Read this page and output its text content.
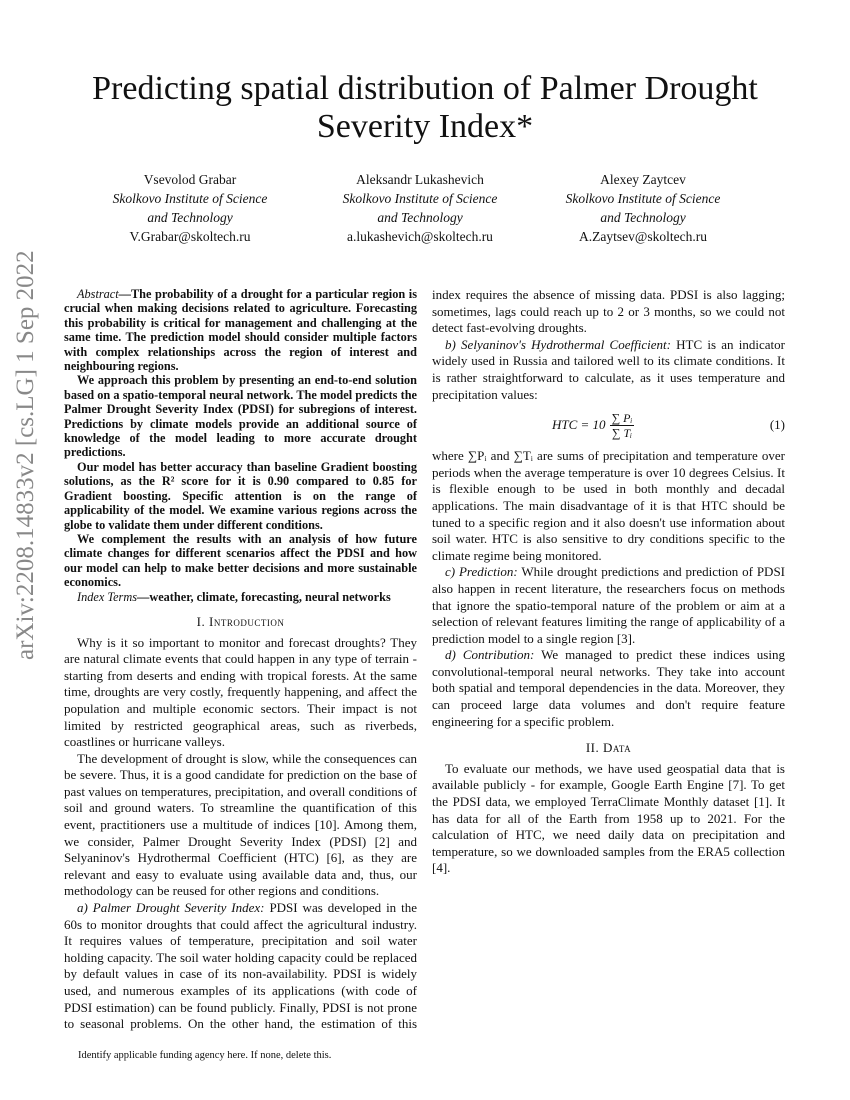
arXiv:2208.14833v2 [cs.LG] 1 Sep 2022
Predicting spatial distribution of Palmer Drought Severity Index*
Vsevolod Grabar
Skolkovo Institute of Science
and Technology
V.Grabar@skoltech.ru
Aleksandr Lukashevich
Skolkovo Institute of Science
and Technology
a.lukashevich@skoltech.ru
Alexey Zaytcev
Skolkovo Institute of Science
and Technology
A.Zaytsev@skoltech.ru

Abstract—The probability of a drought for a particular region is crucial when making decisions related to agriculture. Forecasting this probability is critical for management and challenging at the same time. The prediction model should consider multiple factors with complex relationships across the region of interest and neighbouring regions.

We approach this problem by presenting an end-to-end solution based on a spatio-temporal neural network. The model predicts the Palmer Drought Severity Index (PDSI) for subregions of interest. Predictions by climate models provide an additional source of knowledge of the model leading to more accurate drought predictions.

Our model has better accuracy than baseline Gradient boosting solutions, as the R² score for it is 0.90 compared to 0.85 for Gradient boosting. Specific attention is on the range of applicability of the model. We examine various regions across the globe to validate them under different conditions.

We complement the results with an analysis of how future climate changes for different scenarios affect the PDSI and how our model can help to make better decisions and more sustainable economics.

Index Terms—weather, climate, forecasting, neural networks

I. Introduction

Why is it so important to monitor and forecast droughts? They are natural climate events that could happen in any type of terrain - starting from deserts and ending with tropical forests. At the same time, droughts are very costly, frequently happening, and affect the population and multiple economic sectors. Their impact is not limited by restricted geographical areas, such as riverbeds, coastlines or hurricane valleys.

The development of drought is slow, while the consequences can be severe. Thus, it is a good candidate for prediction on the base of past values on temperatures, precipitation, and overall conditions of soil and ground waters. To streamline the quantification of this event, practitioners use a multitude of indices [10]. Among them, we consider, Palmer Drought Severity Index (PDSI) [2] and Selyaninov's Hydrothermal Coefficient (HTC) [6], as they are relevant and easy to evaluate using available data and, thus, our methodology can be reused for other regions and conditions.

a) Palmer Drought Severity Index: PDSI was developed in the 60s to monitor droughts that could affect the agricultural industry. It requires values of temperature, precipitation and soil water holding capacity. The soil water holding capacity could be replaced by default values in case of its non-availability. PDSI is widely used, and numerous examples of its applications (with code of PDSI estimation) can be found publicly. Finally, PDSI is not prone to seasonal problems. On the other hand, the estimation of this index requires the absence of missing data. PDSI is also lagging; sometimes, lags could reach up to 2 or 3 months, so we could not detect fast-evolving droughts.

b) Selyaninov's Hydrothermal Coefficient: HTC is an indicator widely used in Russia and tailored well to its climate conditions. It is rather straightforward to calculate, as it uses temperature and precipitation values:

HTC = $10 \frac{\text{∑ Pᵢ}}{\text{∑ Tᵢ}}$	(1)

where ∑Pᵢ and ∑Tᵢ are sums of precipitation and temperature over periods when the average temperature is over 10 degrees Celsius. It is flexible enough to be used in both monthly and decadal applications. The main disadvantage of it is that HTC should be tuned to a specific region and it also doesn't use information about soil water. HTC is also sensitive to dry conditions specific to the climate regime being monitored.

c) Prediction: While drought predictions and prediction of PDSI also happen in recent literature, the researchers focus on methods that ignore the spatio-temporal nature of the problem or aim at a selection of relevant features limiting the range of applicability of a prediction model to a single region [3].

d) Contribution: We managed to predict these indices using convolutional-temporal neural networks. They take into account both spatial and temporal dependencies in the data. Moreover, they can proceed large data volumes and don't require feature engineering for a specific problem.

II. Data

To evaluate our methods, we have used geospatial data that is available publicly - for example, Google Earth Engine [7]. To get the PDSI data, we employed TerraClimate Monthly dataset [1]. It has data for all of the Earth from 1958 up to 2021. For the calculation of HTC, we need daily data on precipitation and temperature, so we downloaded samples from the ERA5 collection [4].

Identify applicable funding agency here. If none, delete this.
